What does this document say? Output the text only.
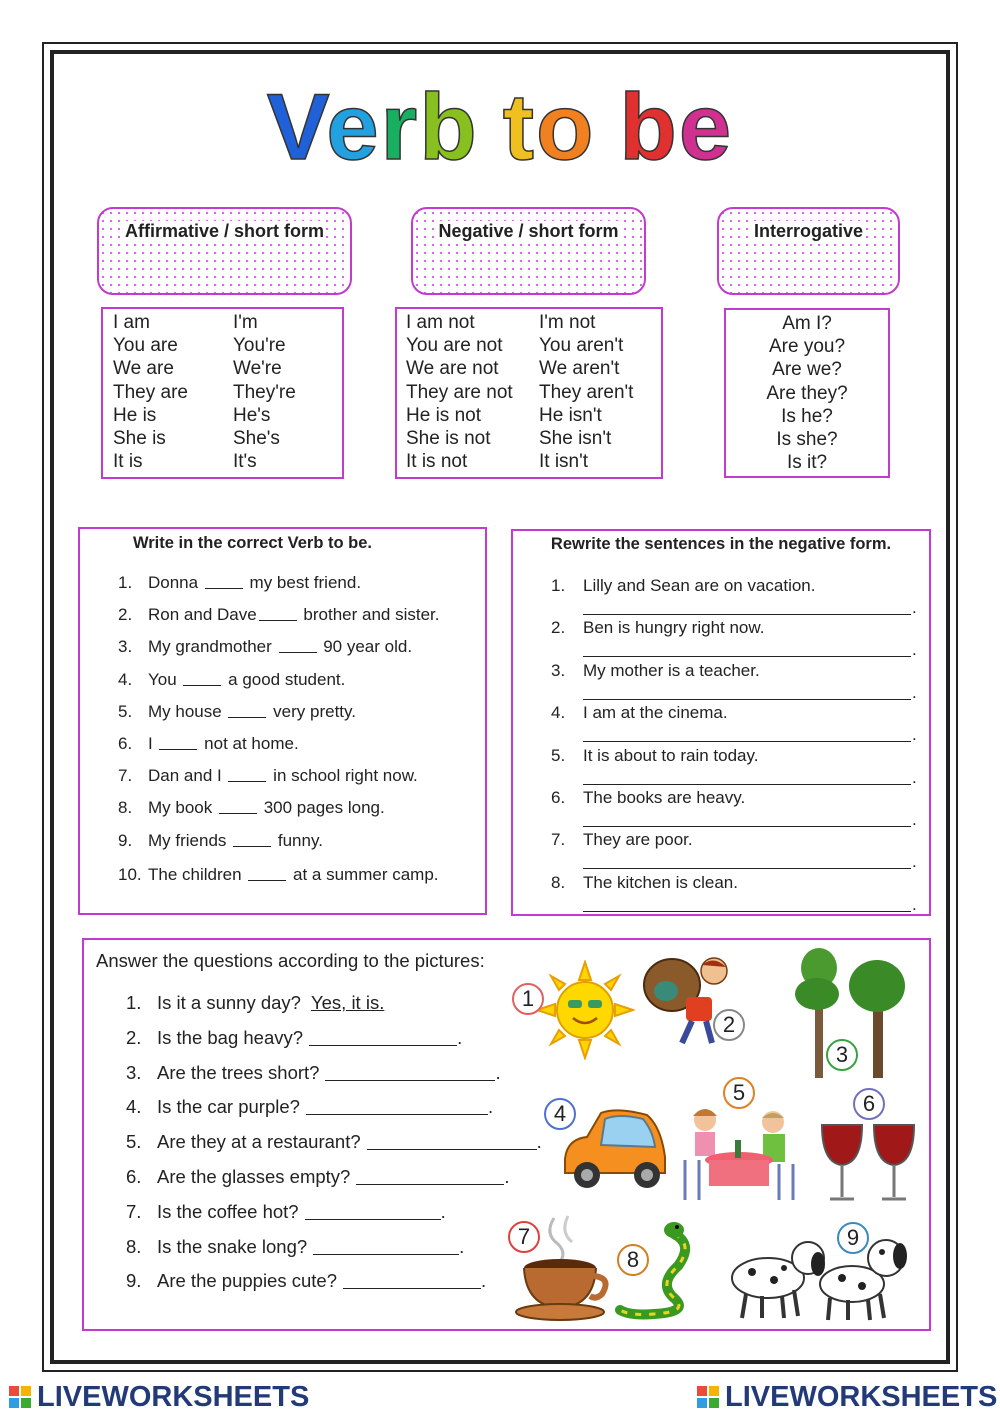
Verb to be
Affirmative / short form	Negative / short form	Interrogative
I am	I'm
You are	You're
We are	We're
They are	They're
He is	He's
She is	She's
It is	It's
I am not	I'm not
You are not	You aren't
We are not	We aren't
They are not	They aren't
He is not	He isn't
She is not	She isn't
It is not	It isn't
Am I?
Are you?
Are we?
Are they?
Is he?
Is she?
Is it?
Write in the correct Verb to be.
1. Donna my best friend.
2. Ron and Dave brother and sister.
3. My grandmother 90 year old.
4. You a good student.
5. My house very pretty.
6. I not at home.
7. Dan and I in school right now.
8. My book 300 pages long.
9. My friends funny.
10. The children at a summer camp.
Rewrite the sentences in the negative form.
1.	Lilly and Sean are on vacation.
.
2.	Ben is hungry right now.
.
3.	My mother is a teacher.
.
4.	I am at the cinema.
.
5.	It is about to rain today.
.
6.	The books are heavy.
.
7.	They are poor.
.
8.	The kitchen is clean.
.
Answer the questions according to the pictures:
1. Is it a sunny day? Yes, it is.
2. Is the bag heavy?	.
3. Are the trees short?	.
4. Is the car purple?	.
5. Are they at a restaurant?	.
6. Are the glasses empty?	.
7. Is the coffee hot?	.
8. Is the snake long?	.
9. Are the puppies cute?	.
1
2
3
4
5	6
7
8
9
LIVEWORKSHEETS	LIVEWORKSHEETS
